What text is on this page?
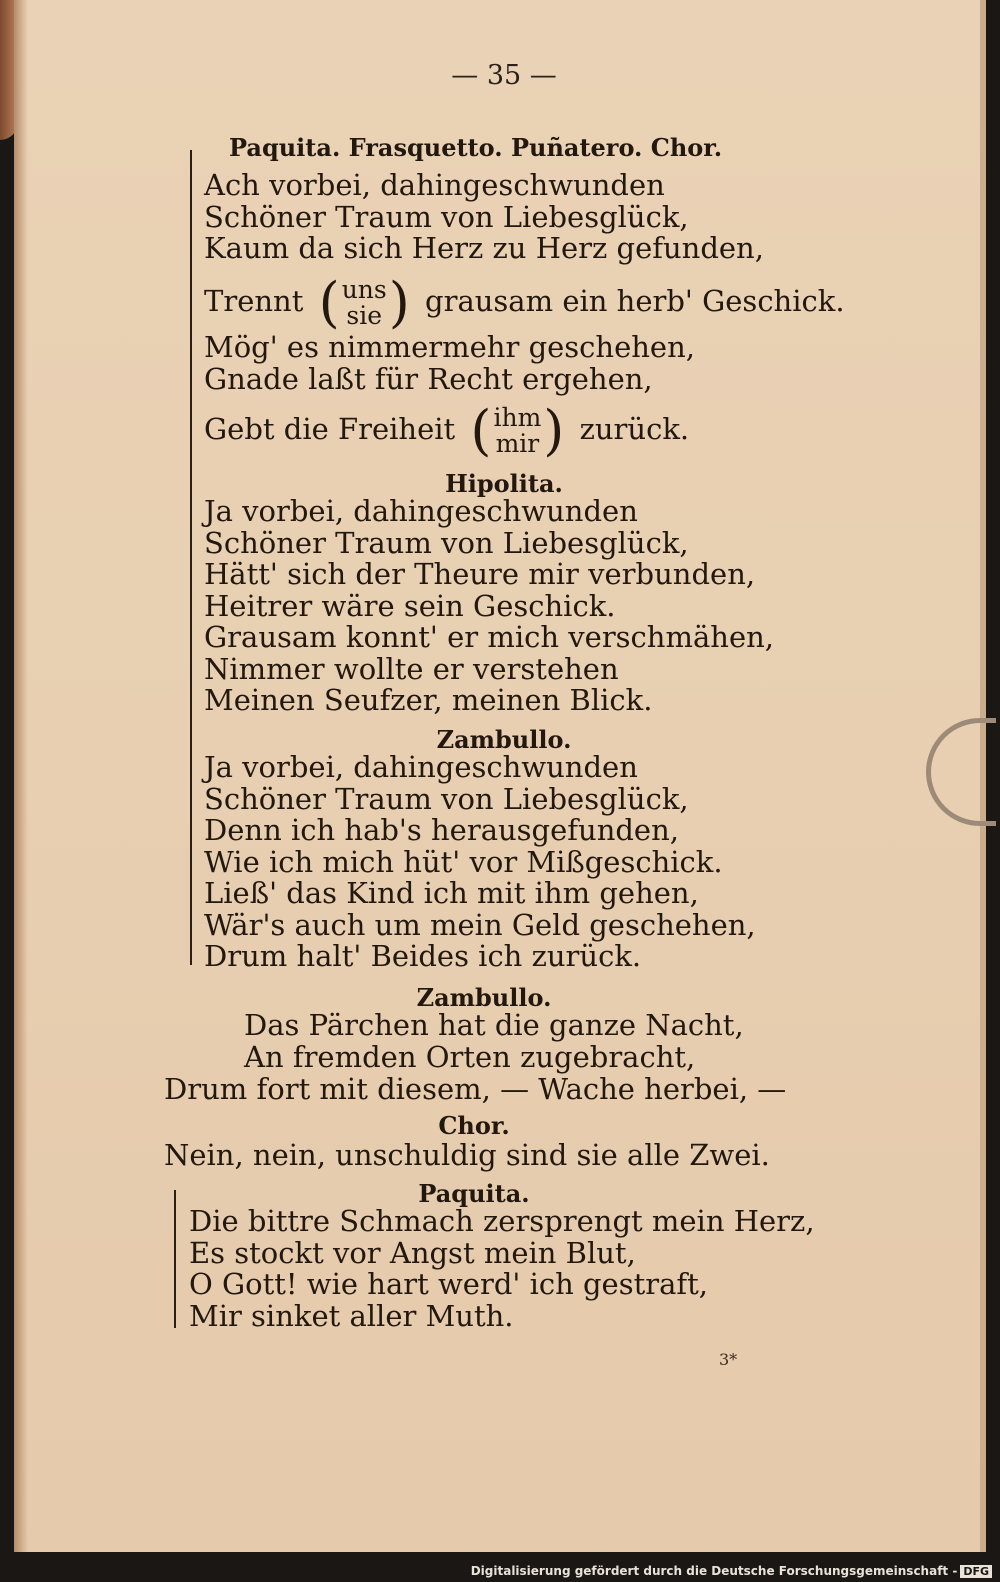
— 35 —
Paquita. Frasquetto. Puñatero. Chor.
Ach vorbei, dahingeschwunden
Schöner Traum von Liebesglück,
Kaum da sich Herz zu Herz gefunden,
Trennt ( uns
sie ) grausam ein herb' Geschick.
Mög' es nimmermehr geschehen,
Gnade laßt für Recht ergehen,
Gebt die Freiheit ( ihm
mir ) zurück.
Hipolita.
Ja vorbei, dahingeschwunden
Schöner Traum von Liebesglück,
Hätt' sich der Theure mir verbunden,
Heitrer wäre sein Geschick.
Grausam konnt' er mich verschmähen,
Nimmer wollte er verstehen
Meinen Seufzer, meinen Blick.
Zambullo.
Ja vorbei, dahingeschwunden
Schöner Traum von Liebesglück,
Denn ich hab's herausgefunden,
Wie ich mich hüt' vor Mißgeschick.
Ließ' das Kind ich mit ihm gehen,
Wär's auch um mein Geld geschehen,
Drum halt' Beides ich zurück.
Zambullo.
Das Pärchen hat die ganze Nacht,
An fremden Orten zugebracht,
Drum fort mit diesem, — Wache herbei, —
Chor.
Nein, nein, unschuldig sind sie alle Zwei.
Paquita.
Die bittre Schmach zersprengt mein Herz,
Es stockt vor Angst mein Blut,
O Gott! wie hart werd' ich gestraft,
Mir sinket aller Muth.
3*
Digitalisierung gefördert durch die Deutsche Forschungsgemeinschaft - DFG
